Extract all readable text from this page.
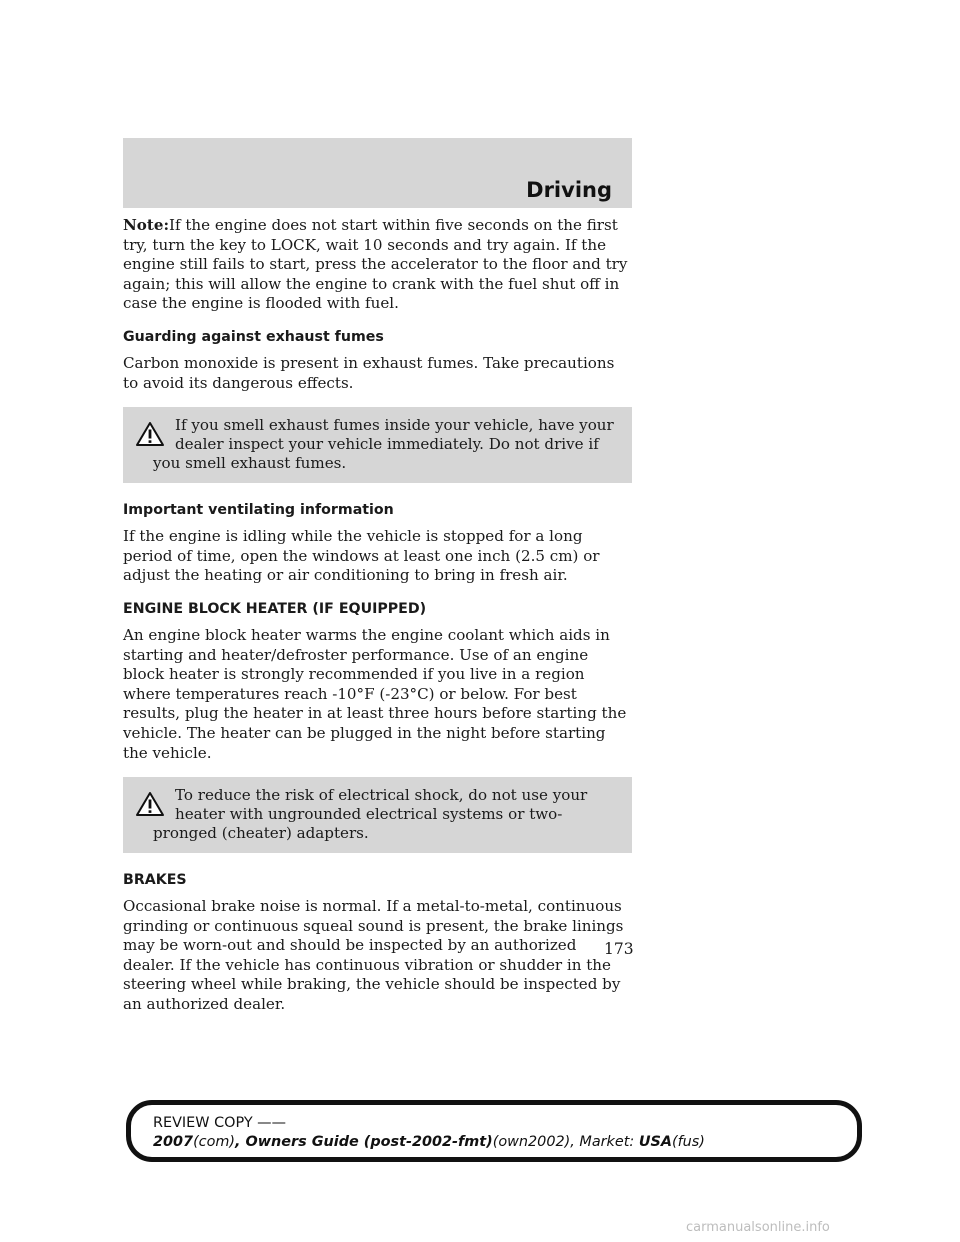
Driving

Note:If the engine does not start within five seconds on the first try, turn the key to LOCK, wait 10 seconds and try again. If the engine still fails to start, press the accelerator to the floor and try again; this will allow the engine to crank with the fuel shut off in case the engine is flooded with fuel.

Guarding against exhaust fumes

Carbon monoxide is present in exhaust fumes. Take precautions to avoid its dangerous effects.

If you smell exhaust fumes inside your vehicle, have your dealer inspect your vehicle immediately. Do not drive if you smell exhaust fumes.
Important ventilating information

If the engine is idling while the vehicle is stopped for a long period of time, open the windows at least one inch (2.5 cm) or adjust the heating or air conditioning to bring in fresh air.

ENGINE BLOCK HEATER (IF EQUIPPED)

An engine block heater warms the engine coolant which aids in starting and heater/defroster performance. Use of an engine block heater is strongly recommended if you live in a region where temperatures reach -10°F (-23°C) or below. For best results, plug the heater in at least three hours before starting the vehicle. The heater can be plugged in the night before starting the vehicle.

To reduce the risk of electrical shock, do not use your heater with ungrounded electrical systems or two-pronged (cheater) adapters.
BRAKES

Occasional brake noise is normal. If a metal-to-metal, continuous grinding or continuous squeal sound is present, the brake linings may be worn-out and should be inspected by an authorized dealer. If the vehicle has continuous vibration or shudder in the steering wheel while braking, the vehicle should be inspected by an authorized dealer.

173

REVIEW COPY ——

2007(com), Owners Guide (post-2002-fmt)(own2002), Market: USA(fus)

carmanualsonline.info
